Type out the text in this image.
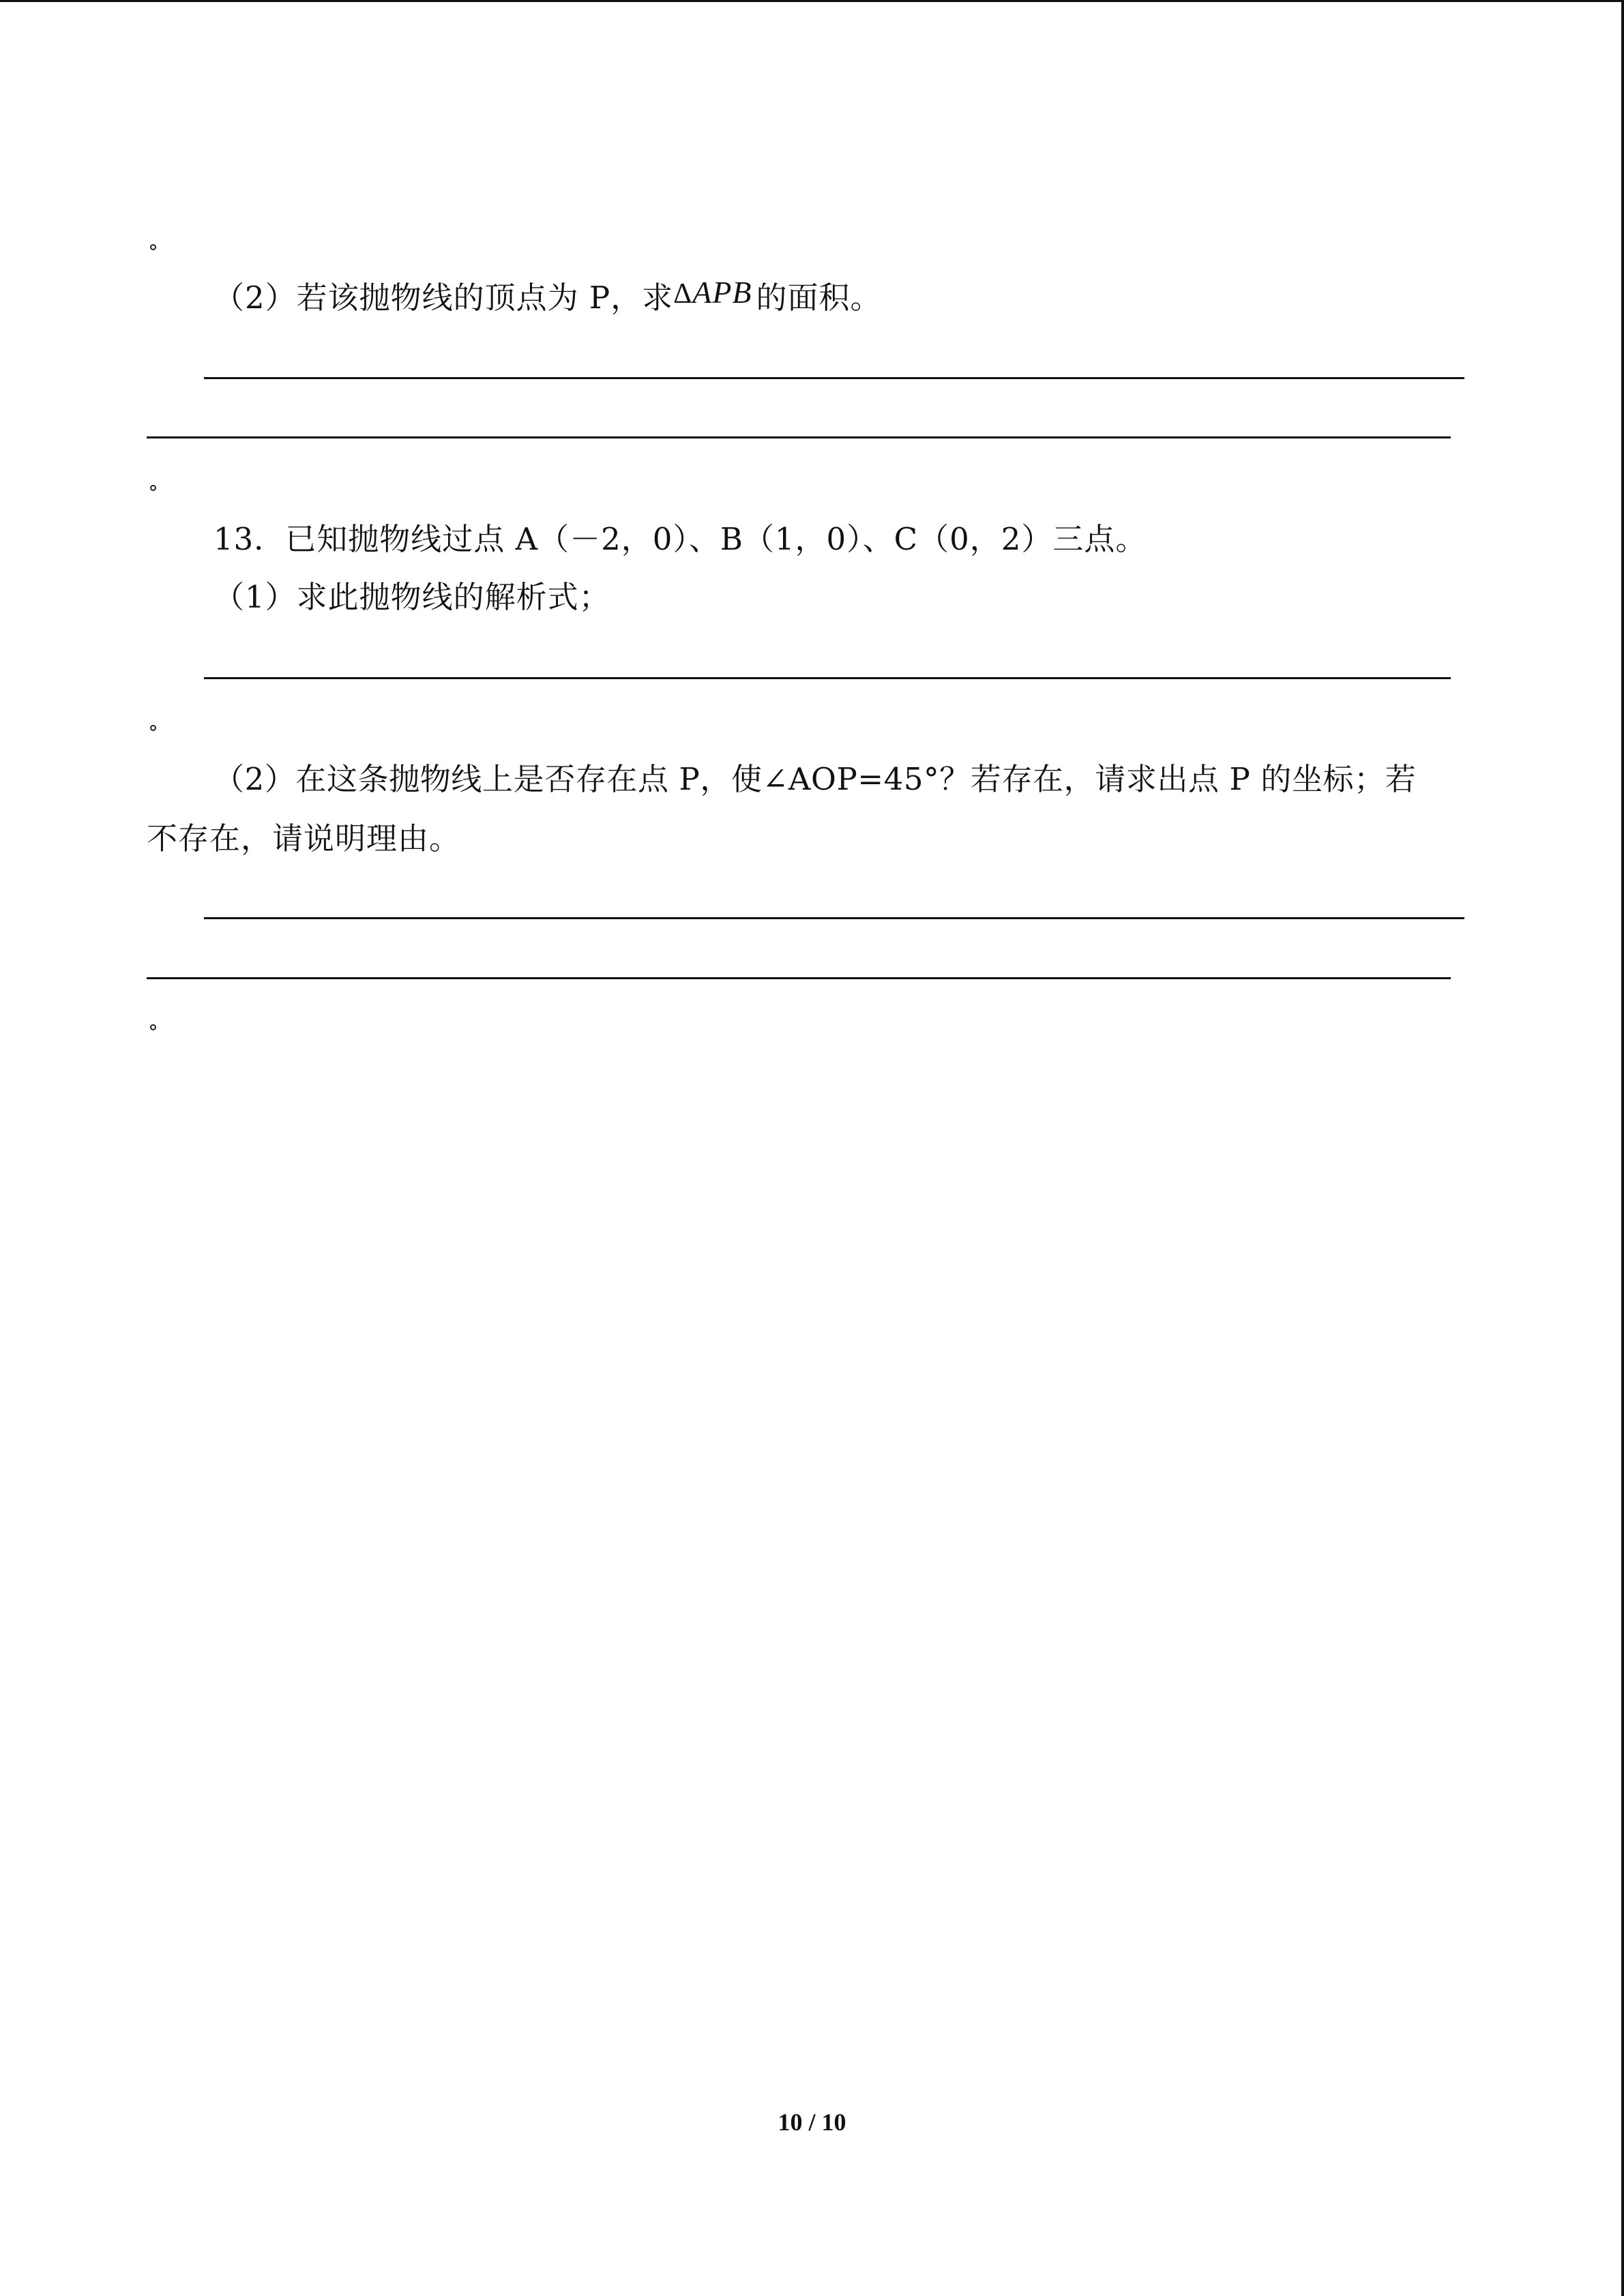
（2）若该抛物线的顶点为 P，求ΔAPB 的面积。
13．已知抛物线过点 A（－2，0）、B（1，0）、C（0，2）三点。
（1）求此抛物线的解析式；
（2）在这条抛物线上是否存在点 P，使∠AOP=45°？若存在，请求出点 P 的坐标；若
不存在，请说明理由。
10 / 10
